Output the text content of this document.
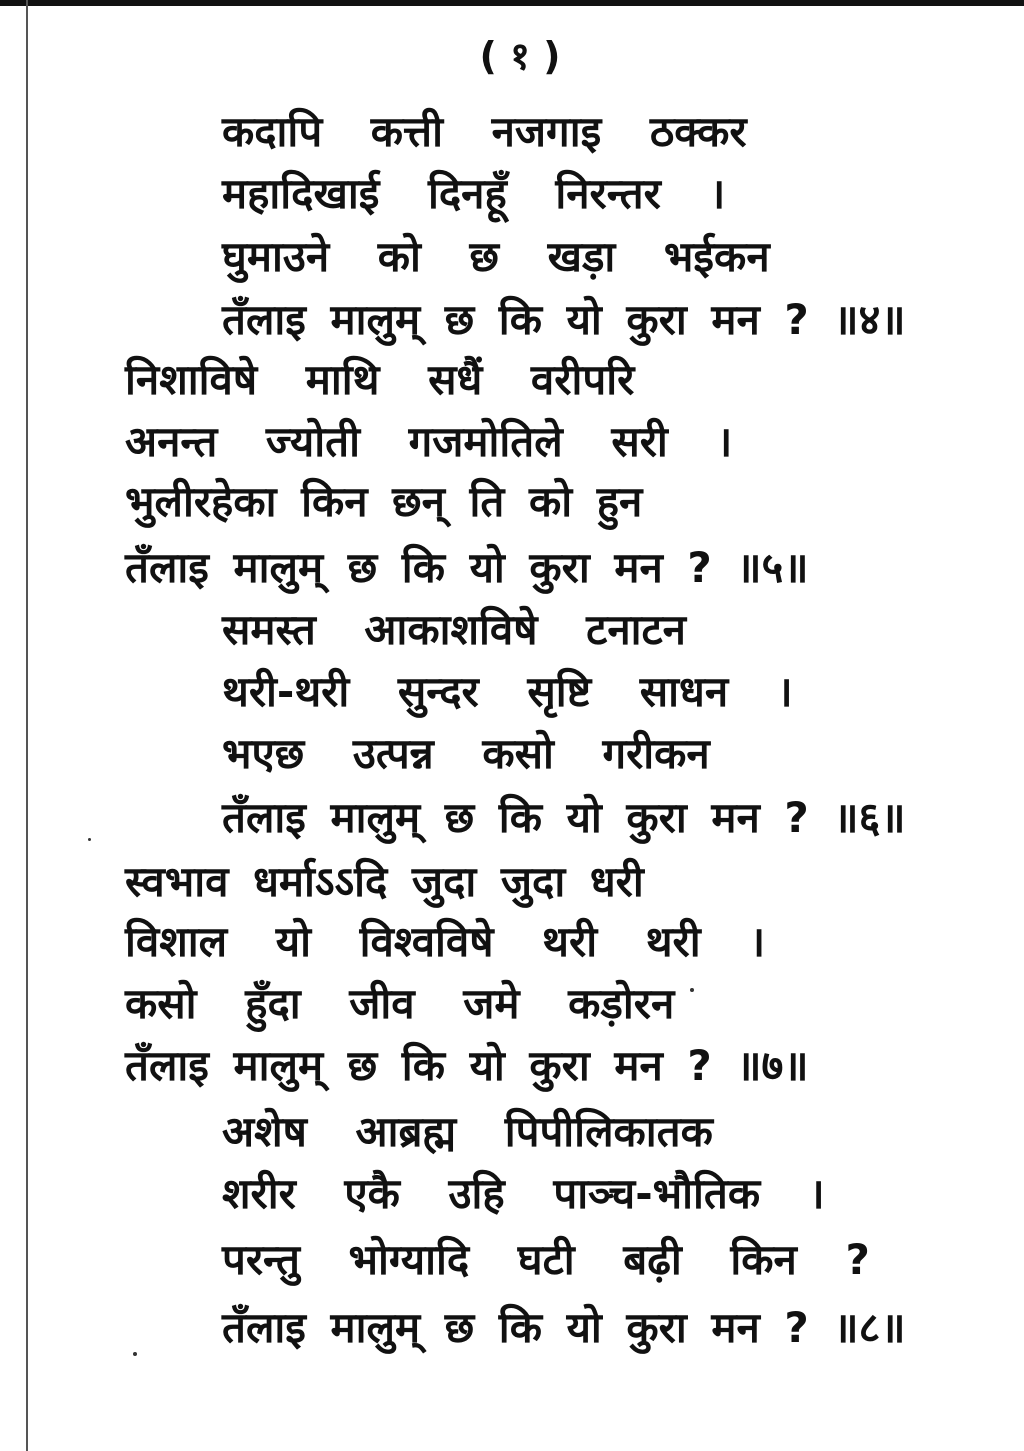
( १ )
कदापि कत्ती नजगाइ ठक्कर
महादिखाई दिनहूँ निरन्तर ।
घुमाउने को छ खड़ा भईकन
तँलाइ मालुम् छ कि यो कुरा मन ? ॥४॥
निशाविषे माथि सधैं वरीपरि
अनन्त ज्योती गजमोतिले सरी ।
भुलीरहेका किन छन् ति को हुन
तँलाइ मालुम् छ कि यो कुरा मन ? ॥५॥
समस्त आकाशविषे टनाटन
थरी-थरी सुन्दर सृष्टि साधन ।
भएछ उत्पन्न कसो गरीकन
तँलाइ मालुम् छ कि यो कुरा मन ? ॥६॥
स्वभाव धर्माऽऽदि जुदा जुदा धरी
विशाल यो विश्वविषे थरी थरी ।
कसो हुँदा जीव जमे कड़ोरन
तँलाइ मालुम् छ कि यो कुरा मन ? ॥७॥
अशेष आब्रह्म पिपीलिकातक
शरीर एकै उहि पाञ्च-भौतिक ।
परन्तु भोग्यादि घटी बढ़ी किन ?
तँलाइ मालुम् छ कि यो कुरा मन ? ॥८॥
